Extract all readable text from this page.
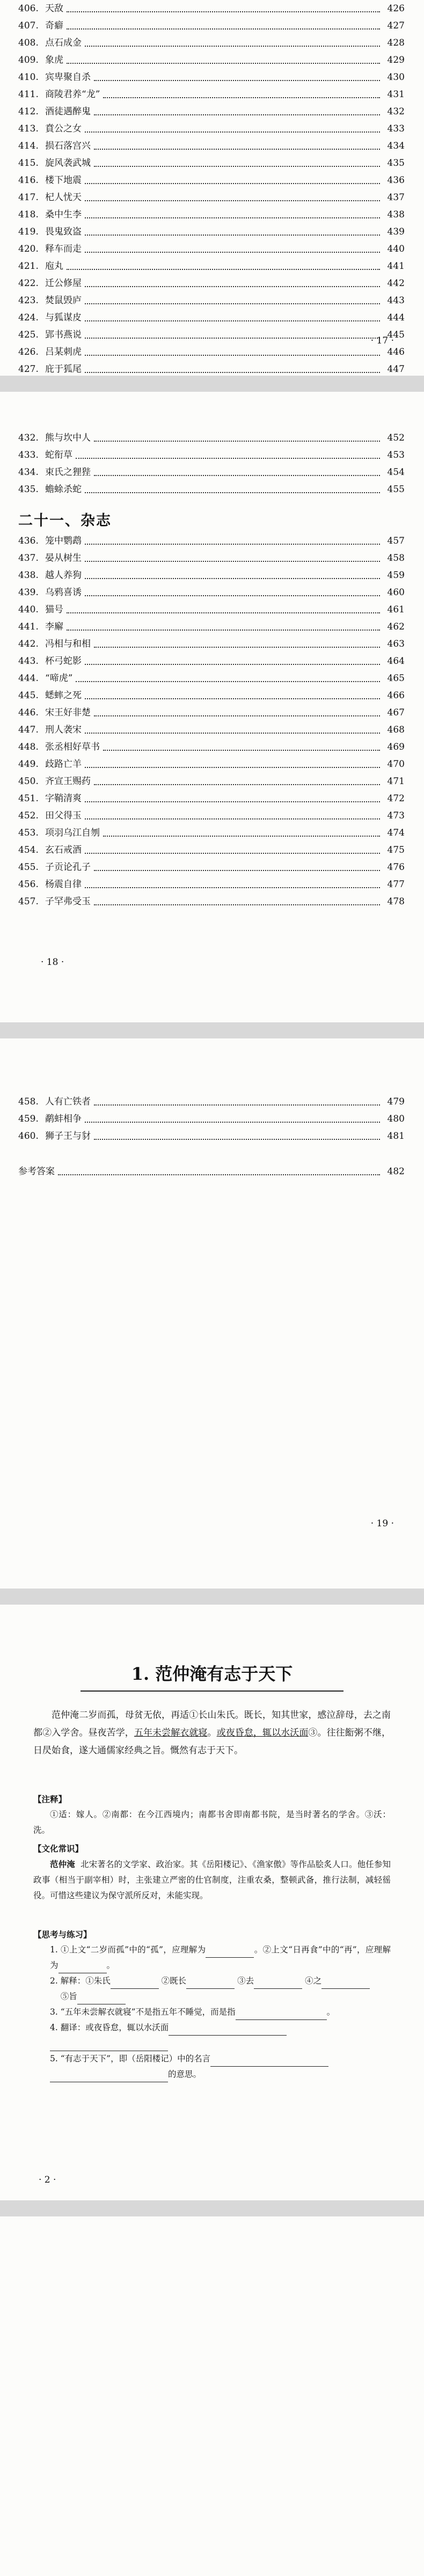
406. 天敌	426
407. 奇癖	427
408. 点石成金	428
409. 象虎	429
410. 宾卑聚自杀	430
411. 商陵君养“龙”	431
412. 酒徒遇醉鬼	432
413. 賁公之女	433
414. 损石落宫兴	434
415. 旋风袭武城	435
416. 楼下地震	436
417. 杞人忧天	437
418. 桑中生李	438
419. 畏鬼致盗	439
420. 释车而走	440
421. 庖丸	441
422. 迁公修屋	442
423. 焚鼠毁庐	443
424. 与狐谋皮	444
425. 郢书燕说	445
426. 吕某刺虎	446
427. 庇于狐尾	447
· 17 ·
432. 熊与坎中人	452
433. 蛇衔草	453
434. 束氏之狸狴	454
435. 蟾蜍杀蛇	455
二十一、杂志
436. 笼中鹦鹉	457
437. 晏从树生	458
438. 越人养狗	459
439. 乌鸦喜诱	460
440. 猫号	461
441. 李廨	462
442. 冯相与和相	463
443. 杯弓蛇影	464
444. “啼虎”	465
445. 蟋蟀之死	466
446. 宋王好非楚	467
447. 刑人袭宋	468
448. 张丞相好草书	469
449. 歧路亡羊	470
450. 齐宣王赐药	471
451. 字鞘清爽	472
452. 田父得玉	473
453. 项羽乌江自刎	474
454. 玄石戒酒	475
455. 子贡论孔子	476
456. 杨震自律	477
457. 子罕弗受玉	478
· 18 ·
458. 人有亡铁者	479
459. 鹬蚌相争	480
460. 狮子王与豺	481
参考答案	482
· 19 ·
1. 范仲淹有志于天下
范仲淹二岁而孤，母贫无依，再适①长山朱氏。既长，知其世家，感泣辞母，去之南都②入学舍。昼夜苦学，五年未尝解衣就寝。或夜昏怠，辄以水沃面③。往往餰粥不继，日昃始食，遂大通儒家经典之旨。慨然有志于天下。
【注释】
①适：嫁人。②南都：在今江西境内；南都书舍即南都书院，是当时著名的学舍。③沃：洗。
【文化常识】
范仲淹 北宋著名的文学家、政治家。其《岳阳楼记》、《渔家傲》等作品脍炙人口。他任参知政事（相当于副宰相）时，主张建立严密的仕官制度，注重农桑，整顿武备，推行法制，减轻徭役。可惜这些建议为保守派所反对，未能实现。
【思考与练习】
1. ①上文“二岁而孤”中的“孤”，应理解为	。②上文“日再食”中的“再”，应理解为	。
2. 解释：①朱氏	②既长	③去	④之
⑤旨
3. “五年未尝解衣就寝”不是指五年不睡觉，而是指	。
4. 翻译：或夜昏怠，辄以水沃面

5. “有志于天下”，即（岳阳楼记）中的名言
的意思。
· 2 ·
